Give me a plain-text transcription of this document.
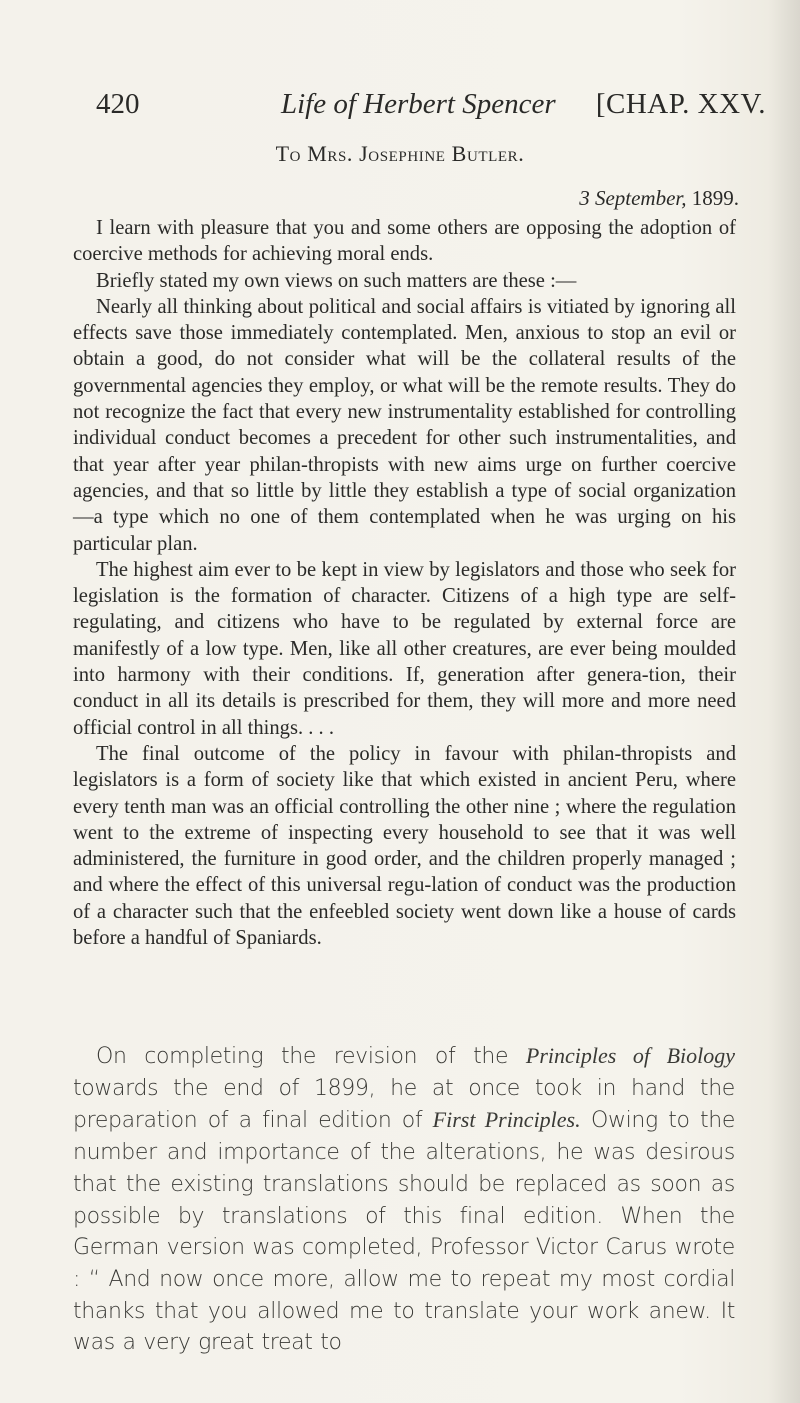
420	Life of Herbert Spencer [CHAP. XXV.
To Mrs. Josephine Butler.
3 September, 1899.

I learn with pleasure that you and some others are opposing the adoption of coercive methods for achieving moral ends.

Briefly stated my own views on such matters are these :—

Nearly all thinking about political and social affairs is vitiated by ignoring all effects save those immediately contemplated. Men, anxious to stop an evil or obtain a good, do not consider what will be the collateral results of the governmental agencies they employ, or what will be the remote results. They do not recognize the fact that every new instrumentality established for controlling individual conduct becomes a precedent for other such instrumentalities, and that year after year philan-thropists with new aims urge on further coercive agencies, and that so little by little they establish a type of social organization —a type which no one of them contemplated when he was urging on his particular plan.

The highest aim ever to be kept in view by legislators and those who seek for legislation is the formation of character. Citizens of a high type are self-regulating, and citizens who have to be regulated by external force are manifestly of a low type. Men, like all other creatures, are ever being moulded into harmony with their conditions. If, generation after genera-tion, their conduct in all its details is prescribed for them, they will more and more need official control in all things. . . .

The final outcome of the policy in favour with philan-thropists and legislators is a form of society like that which existed in ancient Peru, where every tenth man was an official controlling the other nine ; where the regulation went to the extreme of inspecting every household to see that it was well administered, the furniture in good order, and the children properly managed ; and where the effect of this universal regu-lation of conduct was the production of a character such that the enfeebled society went down like a house of cards before a handful of Spaniards.

On completing the revision of the Principles of Biology towards the end of 1899, he at once took in hand the preparation of a final edition of First Principles. Owing to the number and importance of the alterations, he was desirous that the existing translations should be replaced as soon as possible by translations of this final edition. When the German version was completed, Professor Victor Carus wrote : “ And now once more, allow me to repeat my most cordial thanks that you allowed me to translate your work anew. It was a very great treat to
